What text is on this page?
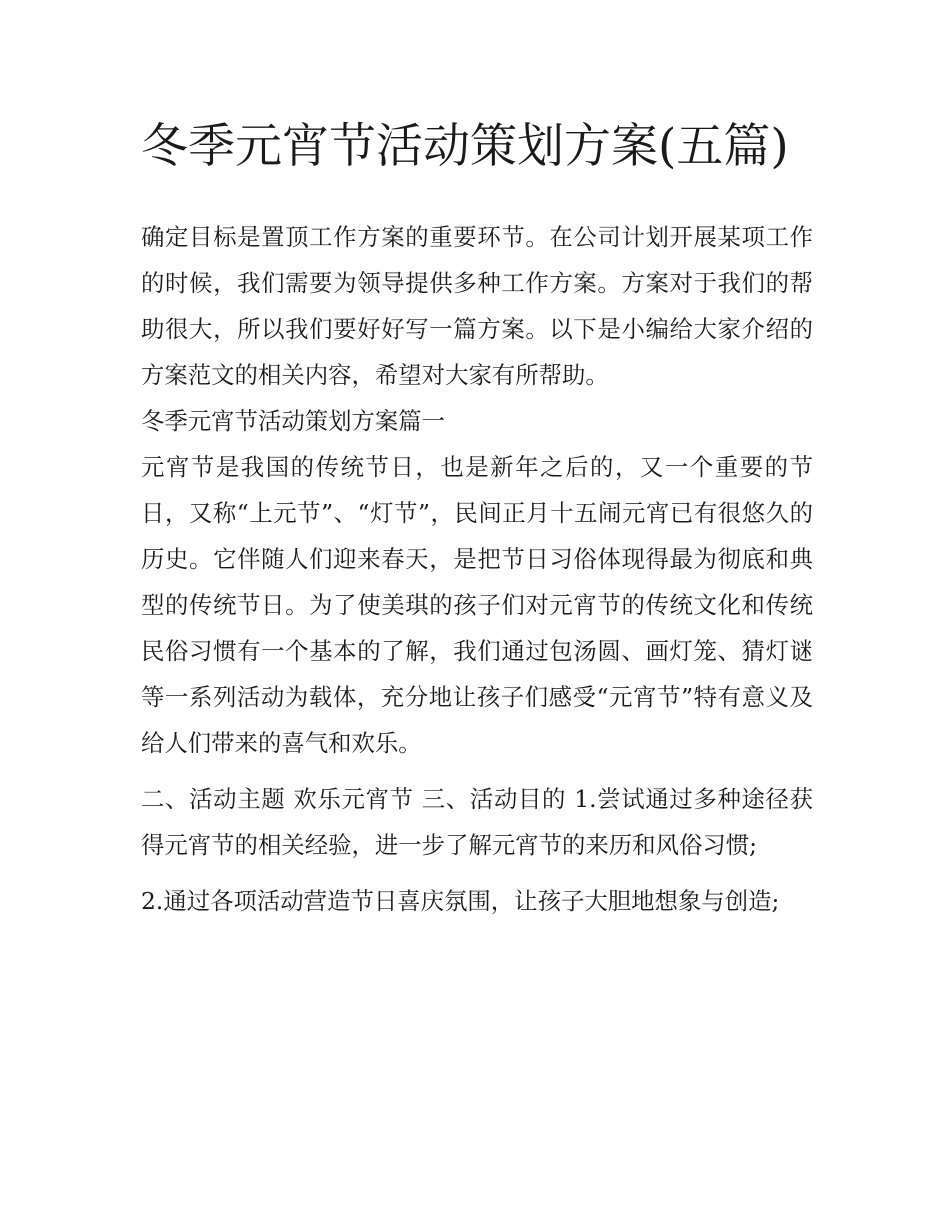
冬季元宵节活动策划方案(五篇)

确定目标是置顶工作方案的重要环节。在公司计划开展某项工作的时候，我们需要为领导提供多种工作方案。方案对于我们的帮助很大，所以我们要好好写一篇方案。以下是小编给大家介绍的方案范文的相关内容，希望对大家有所帮助。

冬季元宵节活动策划方案篇一

元宵节是我国的传统节日，也是新年之后的，又一个重要的节日，又称“上元节”、“灯节”，民间正月十五闹元宵已有很悠久的历史。它伴随人们迎来春天，是把节日习俗体现得最为彻底和典型的传统节日。为了使美琪的孩子们对元宵节的传统文化和传统民俗习惯有一个基本的了解，我们通过包汤圆、画灯笼、猜灯谜等一系列活动为载体，充分地让孩子们感受“元宵节”特有意义及给人们带来的喜气和欢乐。

二、活动主题 欢乐元宵节 三、活动目的 1.尝试通过多种途径获得元宵节的相关经验，进一步了解元宵节的来历和风俗习惯;

2.通过各项活动营造节日喜庆氛围，让孩子大胆地想象与创造;
